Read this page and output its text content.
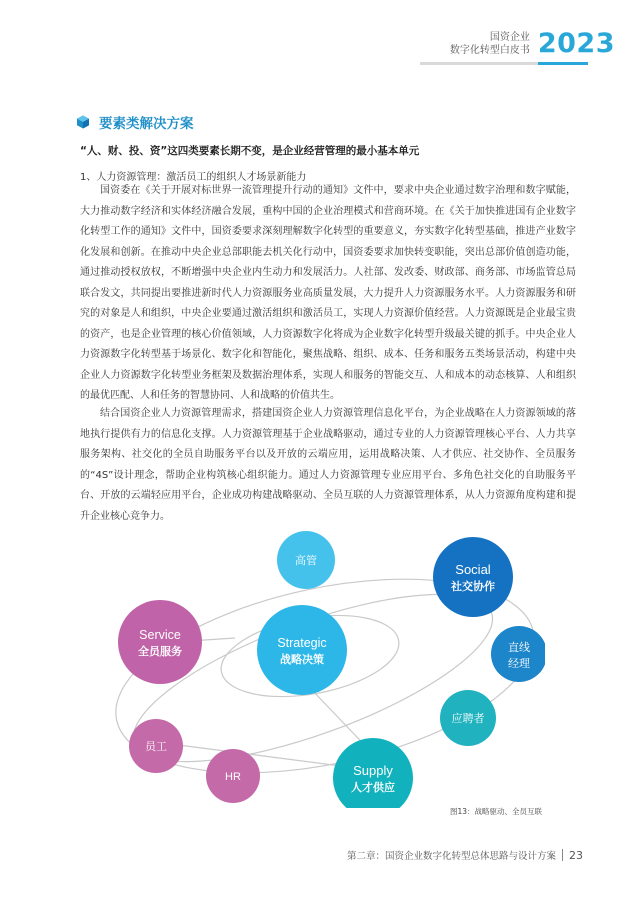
国资企业
数字化转型白皮书 2023
要素类解决方案
“人、财、投、资”这四类要素长期不变，是企业经营管理的最小基本单元
1、人力资源管理：激活员工的组织人才场景新能力

国资委在《关于开展对标世界一流管理提升行动的通知》文件中，要求中央企业通过数字治理和数字赋能，大力推动数字经济和实体经济融合发展，重构中国的企业治理模式和营商环境。在《关于加快推进国有企业数字化转型工作的通知》文件中，国资委要求深刻理解数字化转型的重要意义，夯实数字化转型基础，推进产业数字化发展和创新。在推动中央企业总部职能去机关化行动中，国资委要求加快转变职能，突出总部价值创造功能，通过推动授权放权，不断增强中央企业内生动力和发展活力。人社部、发改委、财政部、商务部、市场监管总局联合发文，共同提出要推进新时代人力资源服务业高质量发展，大力提升人力资源服务水平。人力资源服务和研究的对象是人和组织，中央企业要通过激活组织和激活员工，实现人力资源价值经营。人力资源既是企业最宝贵的资产，也是企业管理的核心价值领域，人力资源数字化将成为企业数字化转型升级最关键的抓手。中央企业人力资源数字化转型基于场景化、数字化和智能化，聚焦战略、组织、成本、任务和服务五类场景活动，构建中央企业人力资源数字化转型业务框架及数据治理体系，实现人和服务的智能交互、人和成本的动态核算、人和组织的最优匹配、人和任务的智慧协同、人和战略的价值共生。

结合国资企业人力资源管理需求，搭建国资企业人力资源管理信息化平台，为企业战略在人力资源领域的落地执行提供有力的信息化支撑。人力资源管理基于企业战略驱动，通过专业的人力资源管理核心平台、人力共享服务架构、社交化的全员自助服务平台以及开放的云端应用，运用战略决策、人才供应、社交协作、全员服务的“4S”设计理念，帮助企业构筑核心组织能力。通过人力资源管理专业应用平台、多角色社交化的自助服务平台、开放的云端轻应用平台，企业成功构建战略驱动、全员互联的人力资源管理体系，从人力资源角度构建和提升企业核心竞争力。

Strategic
战略决策
Service
全员服务
Social
社交协作
Supply
人才供应
高管
直线
经理
应聘者
员工
HR
图13：战略驱动、全员互联
第二章：国资企业数字化转型总体思路与设计方案 23
